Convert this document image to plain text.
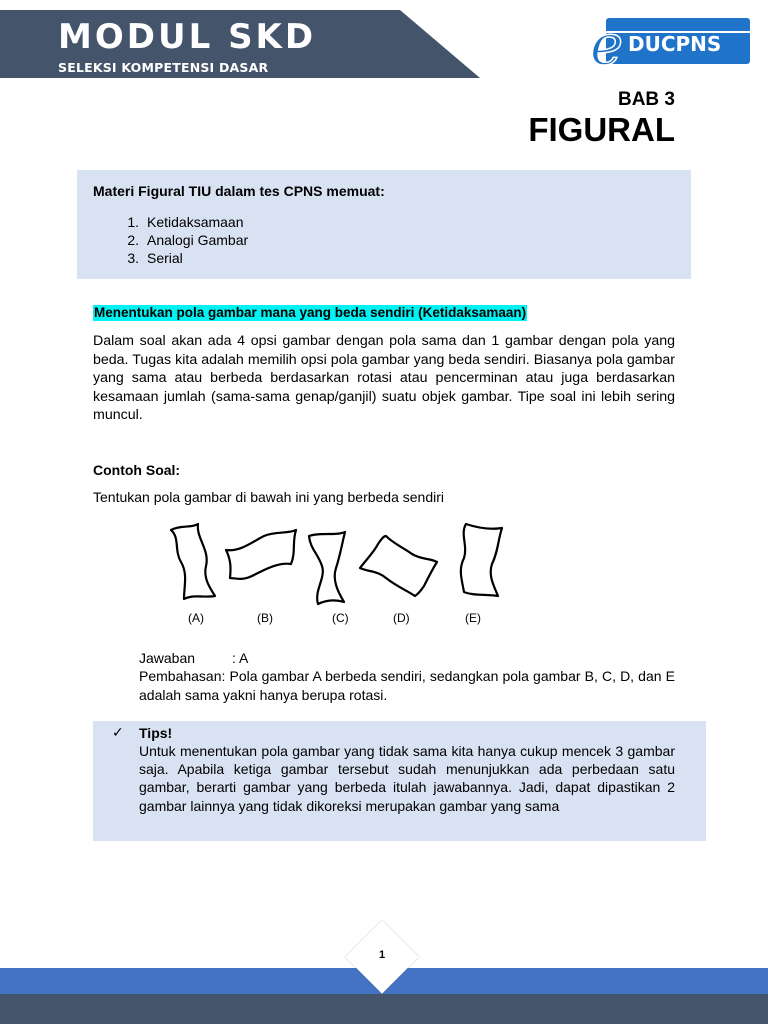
MODUL SKD
SELEKSI KOMPETENSI DASAR	e DUCPNS
BAB 3
FIGURAL
Materi Figural TIU dalam tes CPNS memuat:
1. Ketidaksamaan
2. Analogi Gambar
3. Serial
Menentukan pola gambar mana yang beda sendiri (Ketidaksamaan)

Dalam soal akan ada 4 opsi gambar dengan pola sama dan 1 gambar dengan pola yang beda. Tugas kita adalah memilih opsi pola gambar yang beda sendiri. Biasanya pola gambar yang sama atau berbeda berdasarkan rotasi atau pencerminan atau juga berdasarkan kesamaan jumlah (sama-sama genap/ganjil) suatu objek gambar. Tipe soal ini lebih sering muncul.

Contoh Soal:
Tentukan pola gambar di bawah ini yang berbeda sendiri
(A)	(B)	(C)	(D)	(E)
Jawaban	: A

Pembahasan: Pola gambar A berbeda sendiri, sedangkan pola gambar B, C, D, dan E adalah sama yakni hanya berupa rotasi.

✓ Tips!

Untuk menentukan pola gambar yang tidak sama kita hanya cukup mencek 3 gambar saja. Apabila ketiga gambar tersebut sudah menunjukkan ada perbedaan satu gambar, berarti gambar yang berbeda itulah jawabannya. Jadi, dapat dipastikan 2 gambar lainnya yang tidak dikoreksi merupakan gambar yang sama

1
